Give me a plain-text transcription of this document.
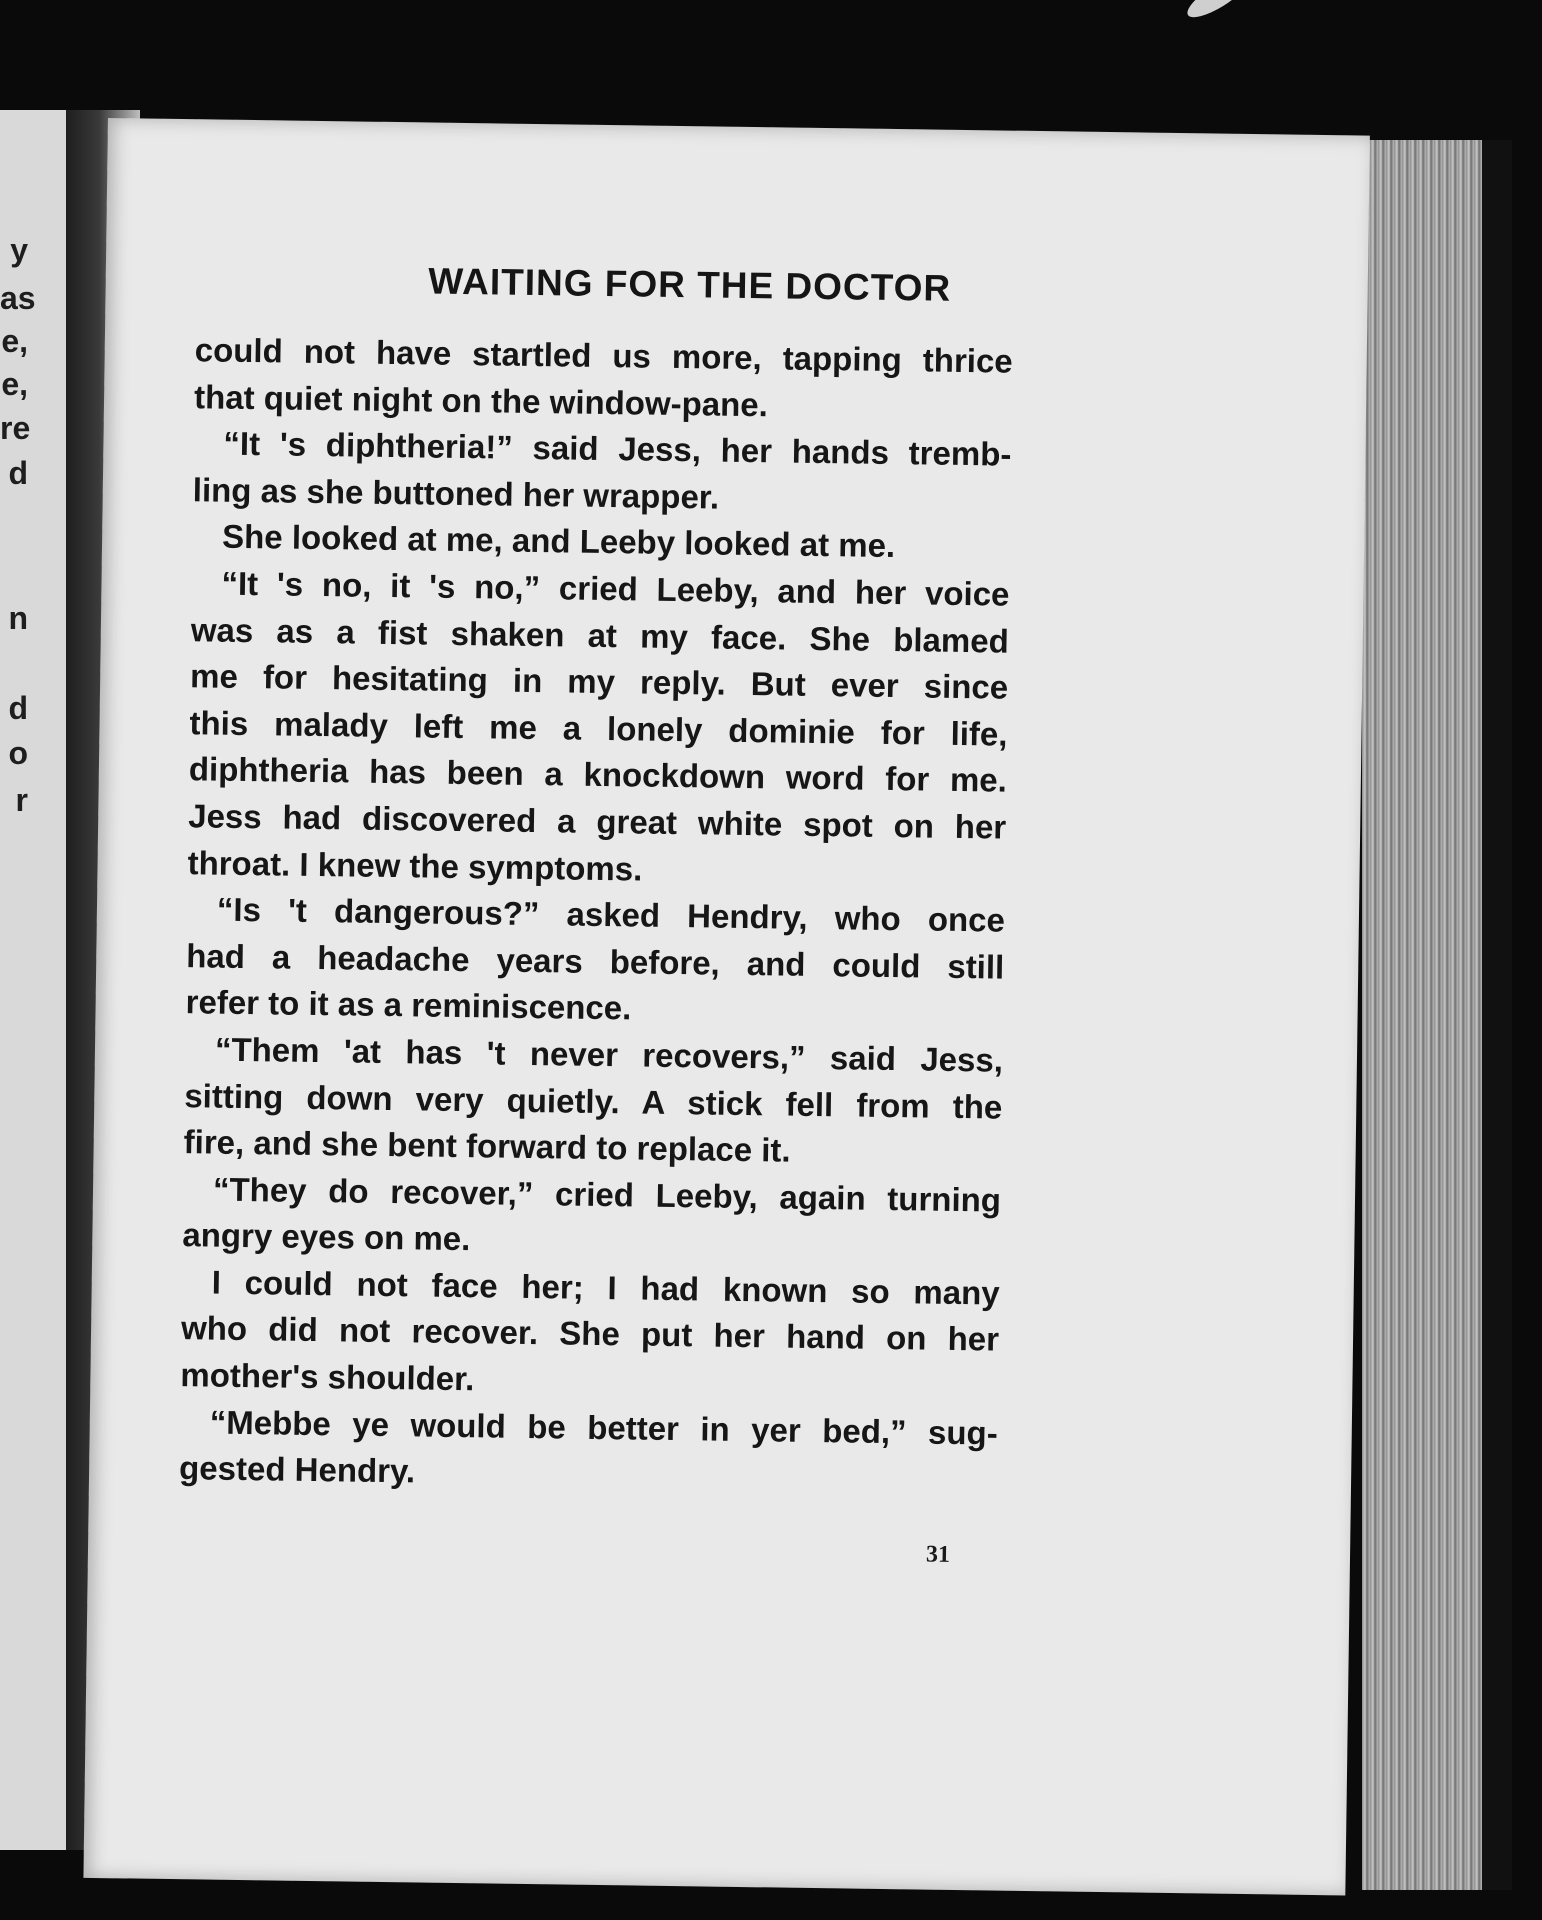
y
as
e,
e,
re
d
n
d
o
r
WAITING FOR THE DOCTOR
could not have startled us more, tapping thrice
that quiet night on the window-pane.
“It 's diphtheria!” said Jess, her hands tremb-
ling as she buttoned her wrapper.
She looked at me, and Leeby looked at me.
“It 's no, it 's no,” cried Leeby, and her voice
was as a fist shaken at my face. She blamed
me for hesitating in my reply. But ever since
this malady left me a lonely dominie for life,
diphtheria has been a knockdown word for me.
Jess had discovered a great white spot on her
throat. I knew the symptoms.
“Is 't dangerous?” asked Hendry, who once
had a headache years before, and could still
refer to it as a reminiscence.
“Them 'at has 't never recovers,” said Jess,
sitting down very quietly. A stick fell from the
fire, and she bent forward to replace it.
“They do recover,” cried Leeby, again turning
angry eyes on me.
I could not face her; I had known so many
who did not recover. She put her hand on her
mother's shoulder.
“Mebbe ye would be better in yer bed,” sug-
gested Hendry.
31
